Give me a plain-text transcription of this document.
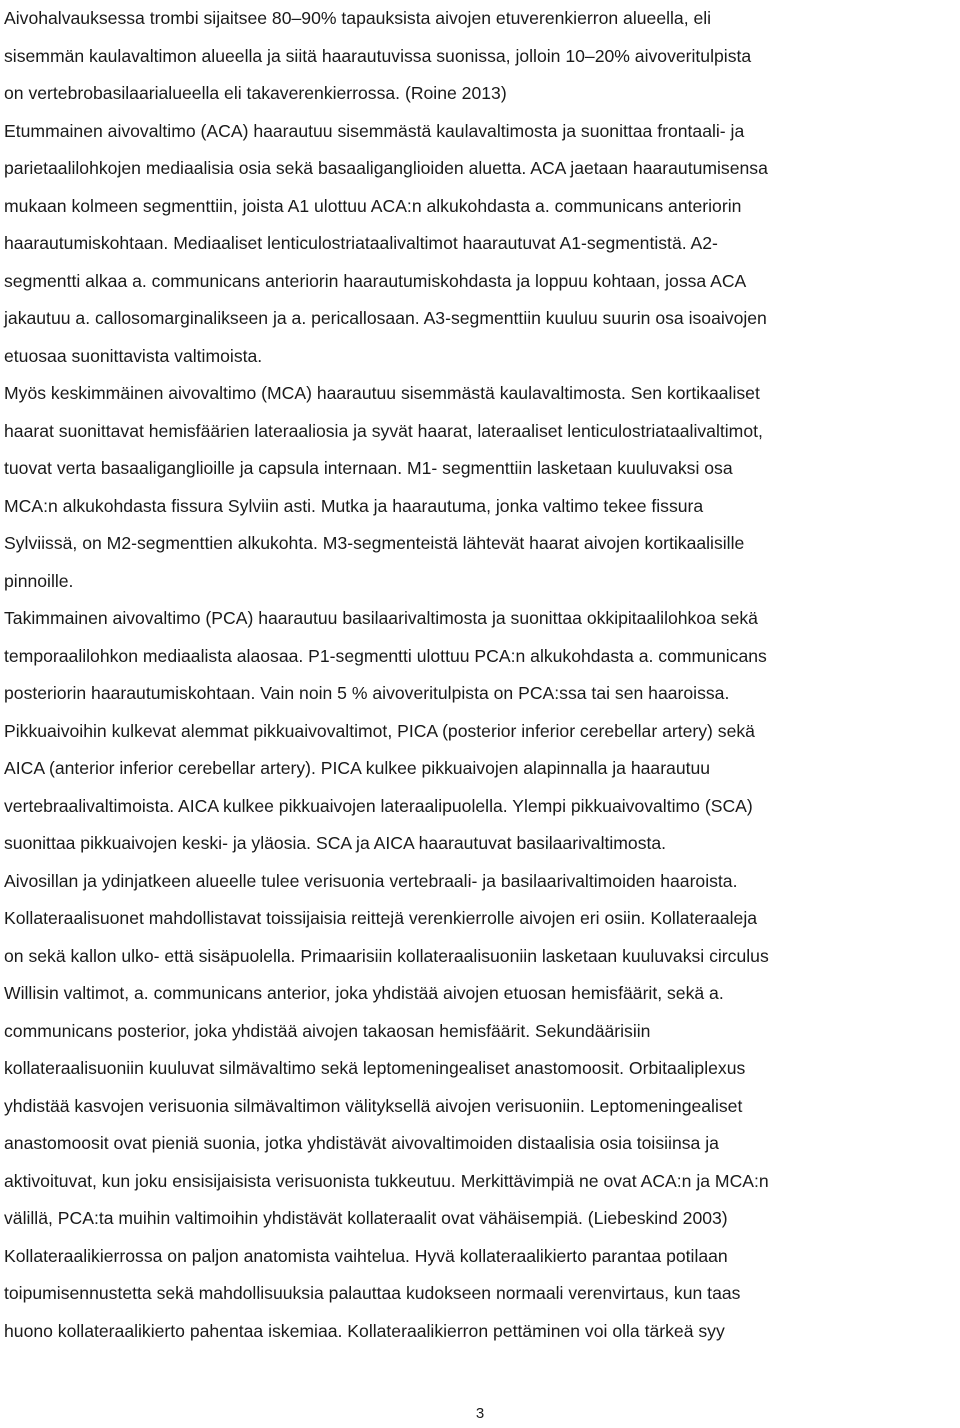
Aivohalvauksessa trombi sijaitsee 80–90% tapauksista aivojen etuverenkierron alueella, eli
sisemmän kaulavaltimon alueella ja siitä haarautuvissa suonissa, jolloin 10–20% aivoveritulpista
on vertebrobasilaarialueella eli takaverenkierrossa. (Roine 2013)

Etummainen aivovaltimo (ACA) haarautuu sisemmästä kaulavaltimosta ja suonittaa frontaali- ja
parietaalilohkojen mediaalisia osia sekä basaaliganglioiden aluetta. ACA jaetaan haarautumisensa
mukaan kolmeen segmenttiin, joista A1 ulottuu ACA:n alkukohdasta a. communicans anteriorin
haarautumiskohtaan. Mediaaliset lenticulostriataalivaltimot haarautuvat A1-segmentistä. A2-
segmentti alkaa a. communicans anteriorin haarautumiskohdasta ja loppuu kohtaan, jossa ACA
jakautuu a. callosomarginalikseen ja a. pericallosaan. A3-segmenttiin kuuluu suurin osa isoaivojen
etuosaa suonittavista valtimoista.

Myös keskimmäinen aivovaltimo (MCA) haarautuu sisemmästä kaulavaltimosta. Sen kortikaaliset
haarat suonittavat hemisfäärien lateraaliosia ja syvät haarat, lateraaliset lenticulostriataalivaltimot,
tuovat verta basaaliganglioille ja capsula internaan. M1- segmenttiin lasketaan kuuluvaksi osa
MCA:n alkukohdasta fissura Sylviin asti. Mutka ja haarautuma, jonka valtimo tekee fissura
Sylviissä, on M2-segmenttien alkukohta. M3-segmenteistä lähtevät haarat aivojen kortikaalisille
pinnoille.

Takimmainen aivovaltimo (PCA) haarautuu basilaarivaltimosta ja suonittaa okkipitaalilohkoa sekä
temporaalilohkon mediaalista alaosaa. P1-segmentti ulottuu PCA:n alkukohdasta a. communicans
posteriorin haarautumiskohtaan. Vain noin 5 % aivoveritulpista on PCA:ssa tai sen haaroissa.

Pikkuaivoihin kulkevat alemmat pikkuaivovaltimot, PICA (posterior inferior cerebellar artery) sekä
AICA (anterior inferior cerebellar artery). PICA kulkee pikkuaivojen alapinnalla ja haarautuu
vertebraalivaltimoista. AICA kulkee pikkuaivojen lateraalipuolella. Ylempi pikkuaivovaltimo (SCA)
suonittaa pikkuaivojen keski- ja yläosia. SCA ja AICA haarautuvat basilaarivaltimosta.

Aivosillan ja ydinjatkeen alueelle tulee verisuonia vertebraali- ja basilaarivaltimoiden haaroista.

Kollateraalisuonet mahdollistavat toissijaisia reittejä verenkierrolle aivojen eri osiin. Kollateraaleja
on sekä kallon ulko- että sisäpuolella. Primaarisiin kollateraalisuoniin lasketaan kuuluvaksi circulus
Willisin valtimot, a. communicans anterior, joka yhdistää aivojen etuosan hemisfäärit, sekä a.
communicans posterior, joka yhdistää aivojen takaosan hemisfäärit. Sekundäärisiin
kollateraalisuoniin kuuluvat silmävaltimo sekä leptomeningealiset anastomoosit. Orbitaaliplexus
yhdistää kasvojen verisuonia silmävaltimon välityksellä aivojen verisuoniin. Leptomeningealiset
anastomoosit ovat pieniä suonia, jotka yhdistävät aivovaltimoiden distaalisia osia toisiinsa ja
aktivoituvat, kun joku ensisijaisista verisuonista tukkeutuu. Merkittävimpiä ne ovat ACA:n ja MCA:n
välillä, PCA:ta muihin valtimoihin yhdistävät kollateraalit ovat vähäisempiä. (Liebeskind 2003)

Kollateraalikierrossa on paljon anatomista vaihtelua. Hyvä kollateraalikierto parantaa potilaan
toipumisennustetta sekä mahdollisuuksia palauttaa kudokseen normaali verenvirtaus, kun taas
huono kollateraalikierto pahentaa iskemiaa. Kollateraalikierron pettäminen voi olla tärkeä syy

3
